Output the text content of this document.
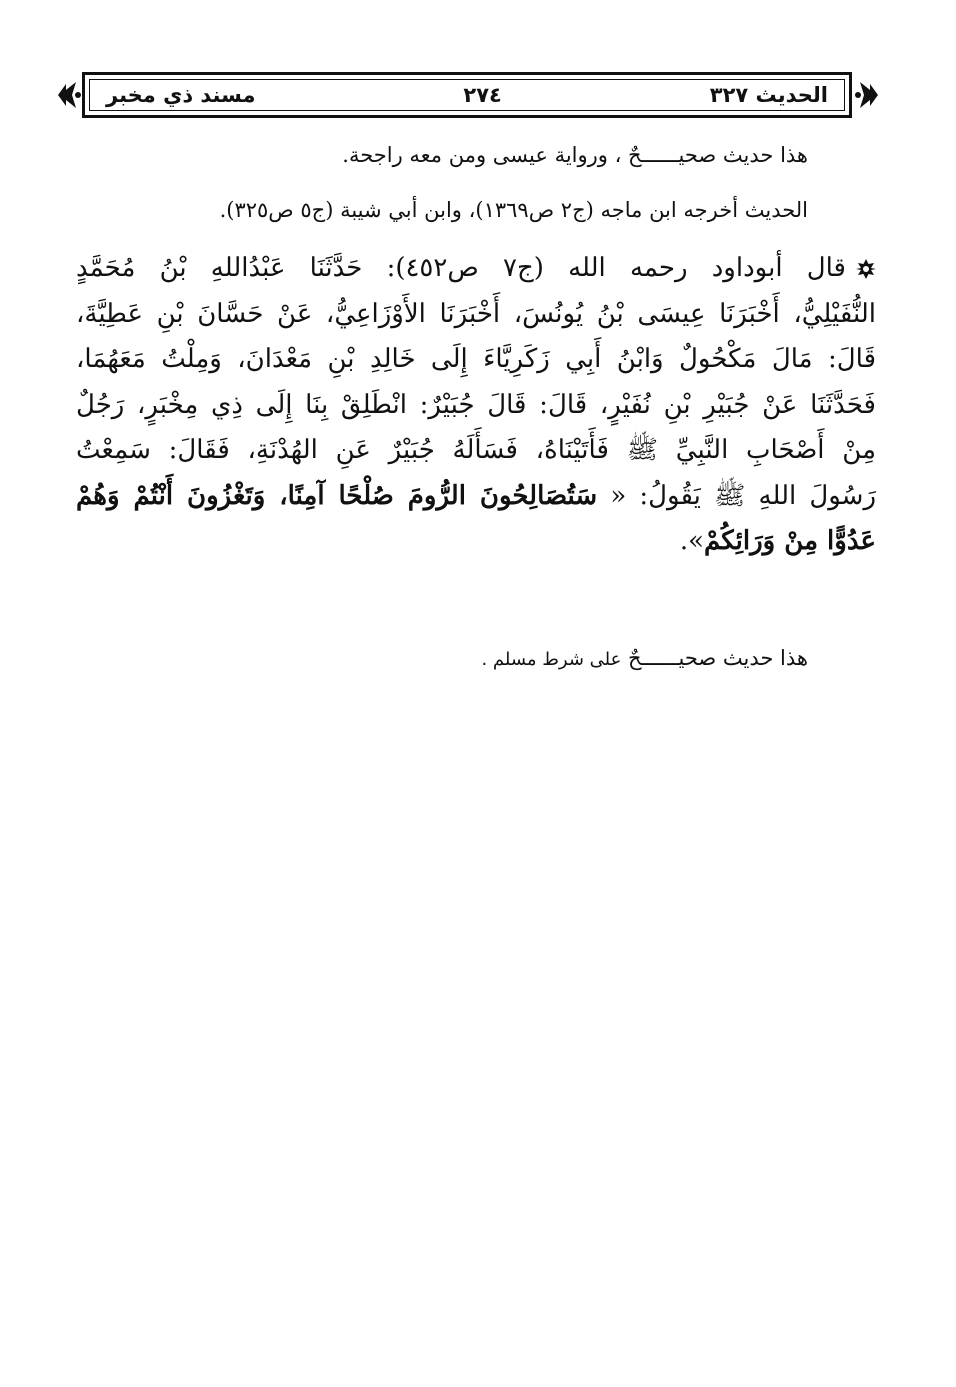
الحديث ٣٢٧
٢٧٤
مسند ذي مخبر
هذا حديث صحيــــــحٌ ، ورواية عيسى ومن معه راجحة.
الحديث أخرجه ابن ماجه (ج٢ ص١٣٦٩)، وابن أبي شيبة (ج٥ ص٣٢٥).
قال أبوداود رحمه الله (ج٧ ص٤٥٢): حَدَّثَنَا عَبْدُاللهِ بْنُ مُحَمَّدٍ
النُّفَيْلِيُّ، أَخْبَرَنَا عِيسَى بْنُ يُونُسَ، أَخْبَرَنَا الأَوْزَاعِيُّ، عَنْ حَسَّانَ بْنِ عَطِيَّةَ،
قَالَ: مَالَ مَكْحُولٌ وَابْنُ أَبِي زَكَرِيَّاءَ إِلَى خَالِدِ بْنِ مَعْدَانَ، وَمِلْتُ مَعَهُمَا،
فَحَدَّثَنَا عَنْ جُبَيْرِ بْنِ نُفَيْرٍ، قَالَ: قَالَ جُبَيْرٌ: انْطَلِقْ بِنَا إِلَى ذِي مِخْبَرٍ، رَجُلٌ
مِنْ أَصْحَابِ النَّبِيِّ ﷺ فَأَتَيْنَاهُ، فَسَأَلَهُ جُبَيْرٌ عَنِ الهُدْنَةِ، فَقَالَ: سَمِعْتُ
رَسُولَ اللهِ ﷺ يَقُولُ: « سَتُصَالِحُونَ الرُّومَ صُلْحًا آمِنًا، وَتَغْزُونَ أَنْتُمْ وَهُمْ
عَدُوًّا مِنْ وَرَائِكُمْ».
هذا حديث صحيــــــحٌ على شرط مسلم .
